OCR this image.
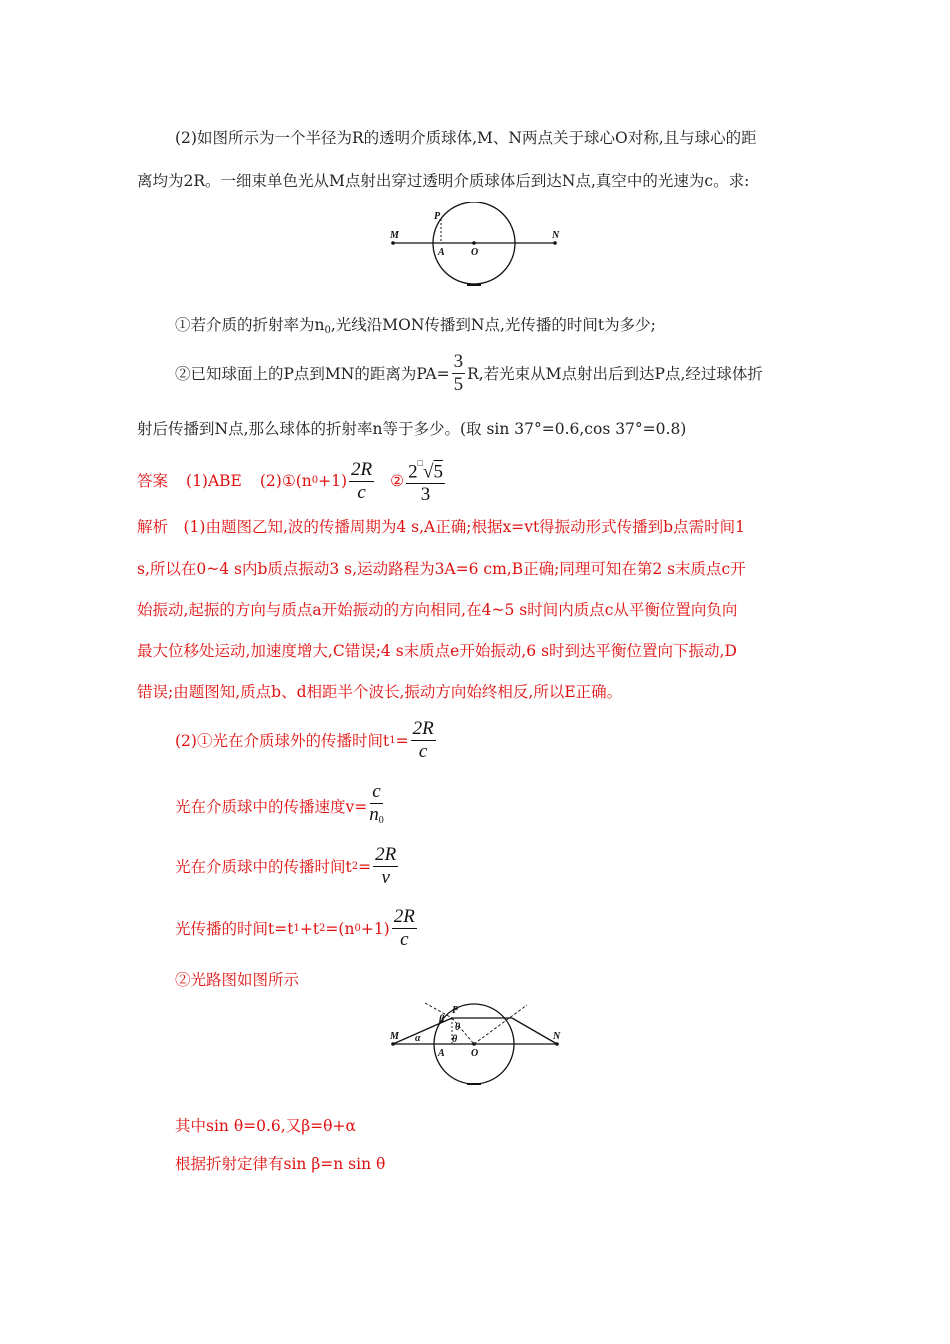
(2)如图所示为一个半径为R的透明介质球体,M、N两点关于球心O对称,且与球心的距
离均为2R。一细束单色光从M点射出穿过透明介质球体后到达N点,真空中的光速为c。求:
M	N
P
A	O
①若介质的折射率为$n_0$,光线沿MON传播到N点,光传播的时间t为多少;
②已知球面上的P点到MN的距离为$PA= \frac{3}{5} R$,若光束从M点射出后到达P点,经过球体折
射后传播到N点,那么球体的折射率n等于多少。(取 sin 37°=0.6,cos 37°=0.8)
答案 (1)ABE (2)①(n $0 +1) \frac{2R}{c}$ ② $\frac{2^□√5}{3}$
解析　(1)由题图乙知,波的传播周期为4 s,A正确;根据x=vt得振动形式传播到b点需时间1
s,所以在0~4 s内b质点振动3 s,运动路程为3A=6 cm,B正确;同理可知在第2 s末质点c开
始振动,起振的方向与质点a开始振动的方向相同,在4~5 s时间内质点c从平衡位置向负向
最大位移处运动,加速度增大,C错误;4 s末质点e开始振动,6 s时到达平衡位置向下振动,D
错误;由题图知,质点b、d相距半个波长,振动方向始终相反,所以E正确。
(2)①光在介质球外的传播时间t $1 = \frac{2R}{c}$
光在介质球中的传播速度$v= \frac{c}{n_0}$
光在介质球中的传播时间t $2 = \frac{2R}{v}$
光传播的时间t=t 1 +t 2 =(n $0 +1) \frac{2R}{c}$
②光路图如图所示
M	N
P
A	O
α
β
θ
θ
其中sin θ=0.6,又β=θ+α
根据折射定律有sin β=n sin θ
